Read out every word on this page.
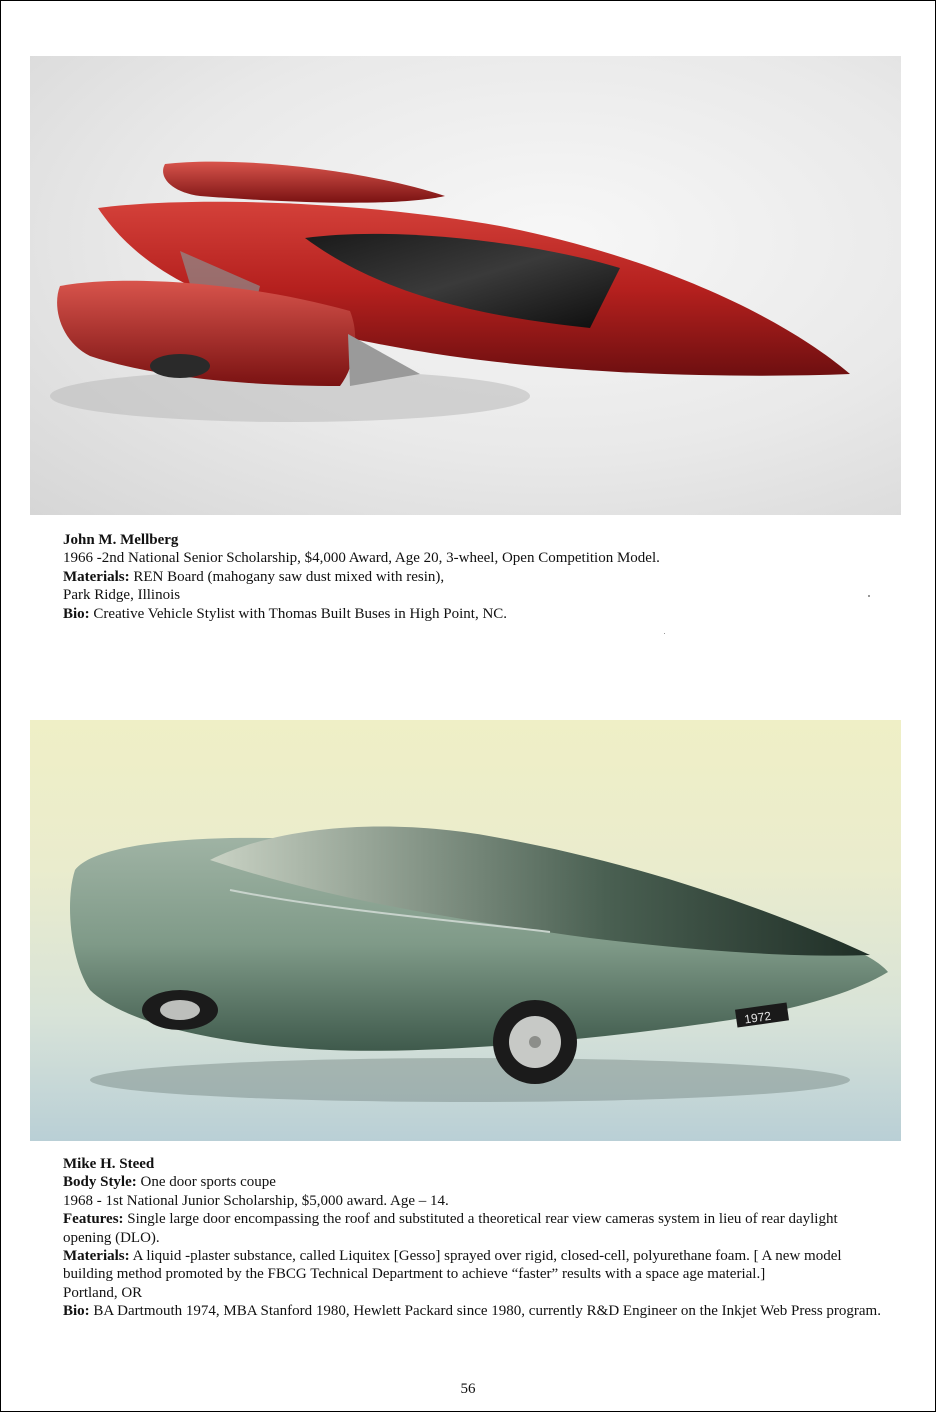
John M. Mellberg

1966 -2nd National Senior Scholarship, $4,000 Award, Age 20, 3-wheel, Open Competition Model.

Materials: REN Board (mahogany saw dust mixed with resin),

Park Ridge, Illinois

Bio: Creative Vehicle Stylist with Thomas Built Buses in High Point, NC.

1972

Mike H. Steed

Body Style: One door sports coupe

1968 - 1st National Junior Scholarship, $5,000 award. Age – 14.

Features: Single large door encompassing the roof and substituted a theoretical rear view cameras system in lieu of rear daylight opening (DLO).

Materials: A liquid -plaster substance, called Liquitex [Gesso] sprayed over rigid, closed-cell, polyurethane foam. [ A new model building method promoted by the FBCG Technical Department to achieve “faster” results with a space age material.]

Portland, OR

Bio: BA Dartmouth 1974, MBA Stanford 1980, Hewlett Packard since 1980, currently R&D Engineer on the Inkjet Web Press program.

56
